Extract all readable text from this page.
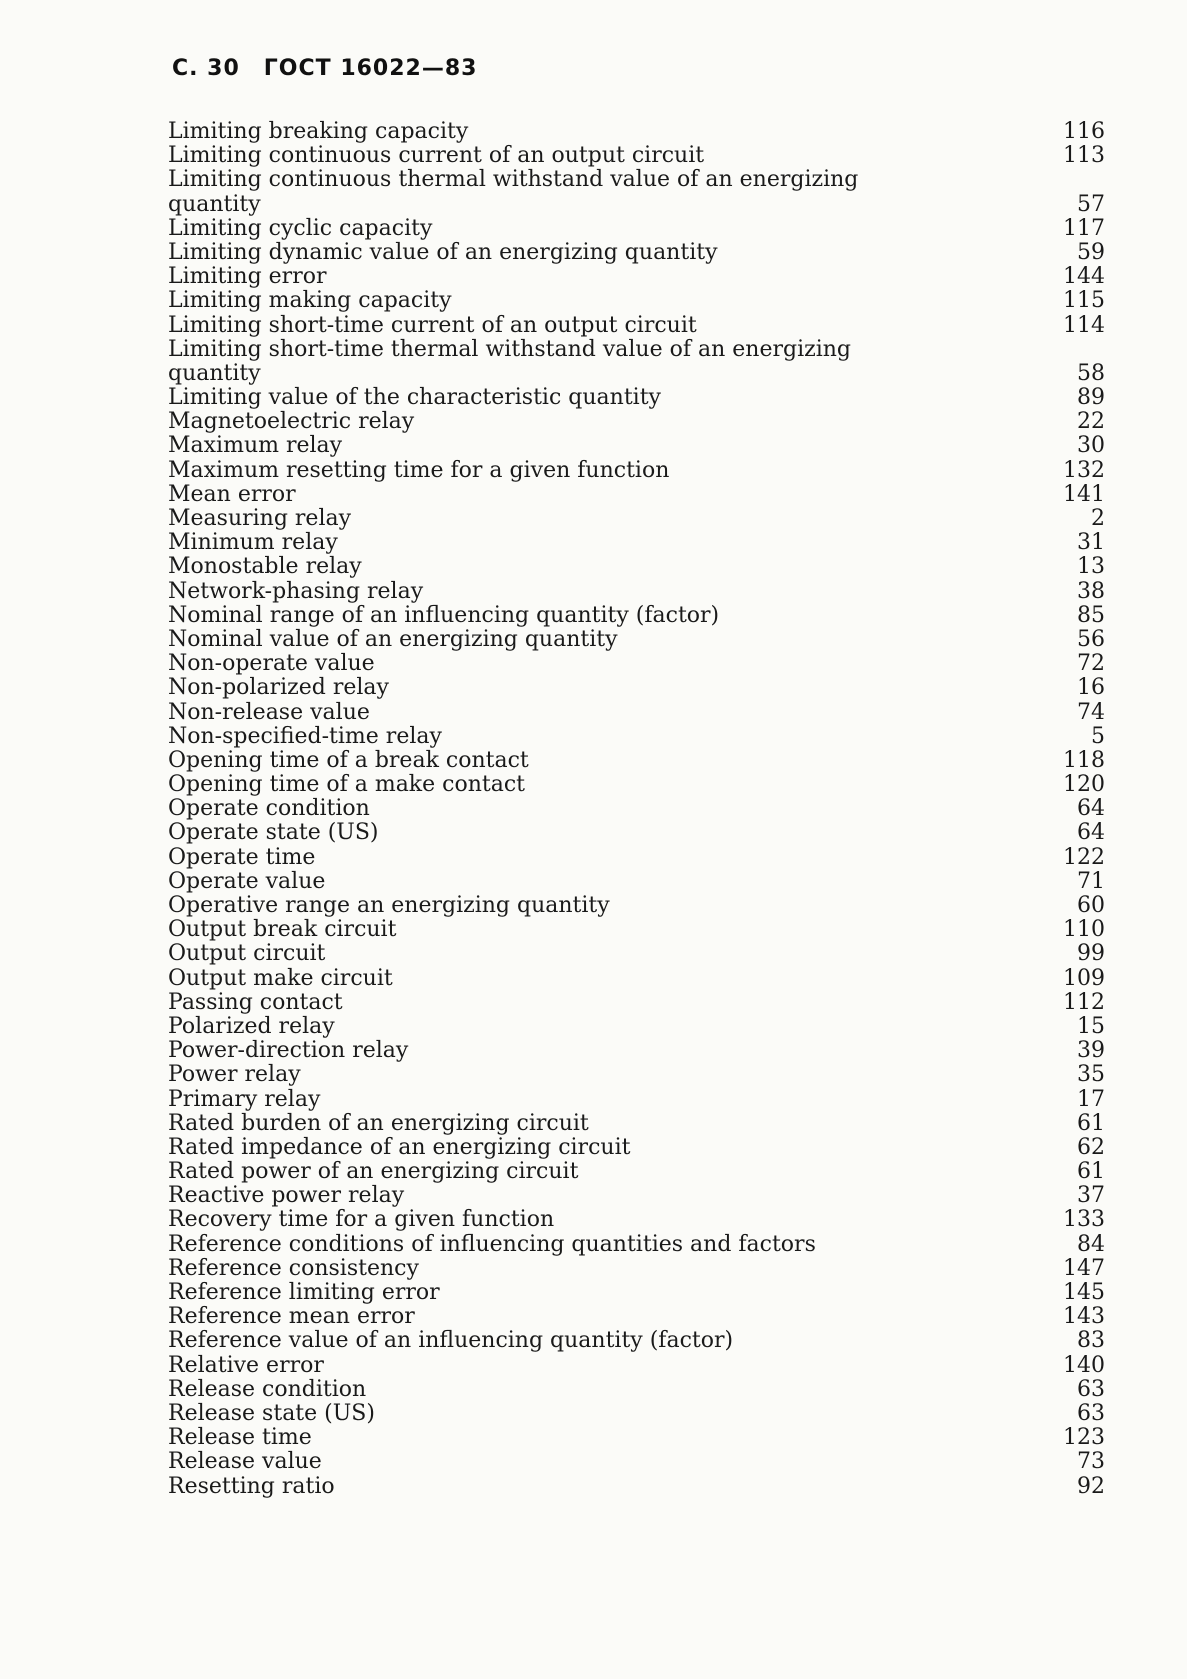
С. 30 ГОСТ 16022—83
Limiting breaking capacity	116
Limiting continuous current of an output circuit	113
Limiting continuous thermal withstand value of an energizing
quantity	57
Limiting cyclic capacity	117
Limiting dynamic value of an energizing quantity	59
Limiting error	144
Limiting making capacity	115
Limiting short-time current of an output circuit	114
Limiting short-time thermal withstand value of an energizing
quantity	58
Limiting value of the characteristic quantity	89
Magnetoelectric relay	22
Maximum relay	30
Maximum resetting time for a given function	132
Mean error	141
Measuring relay	2
Minimum relay	31
Monostable relay	13
Network-phasing relay	38
Nominal range of an influencing quantity (factor)	85
Nominal value of an energizing quantity	56
Non-operate value	72
Non-polarized relay	16
Non-release value	74
Non-specified-time relay	5
Opening time of a break contact	118
Opening time of a make contact	120
Operate condition	64
Operate state (US)	64
Operate time	122
Operate value	71
Operative range an energizing quantity	60
Output break circuit	110
Output circuit	99
Output make circuit	109
Passing contact	112
Polarized relay	15
Power-direction relay	39
Power relay	35
Primary relay	17
Rated burden of an energizing circuit	61
Rated impedance of an energizing circuit	62
Rated power of an energizing circuit	61
Reactive power relay	37
Recovery time for a given function	133
Reference conditions of influencing quantities and factors	84
Reference consistency	147
Reference limiting error	145
Reference mean error	143
Reference value of an influencing quantity (factor)	83
Relative error	140
Release condition	63
Release state (US)	63
Release time	123
Release value	73
Resetting ratio	92
